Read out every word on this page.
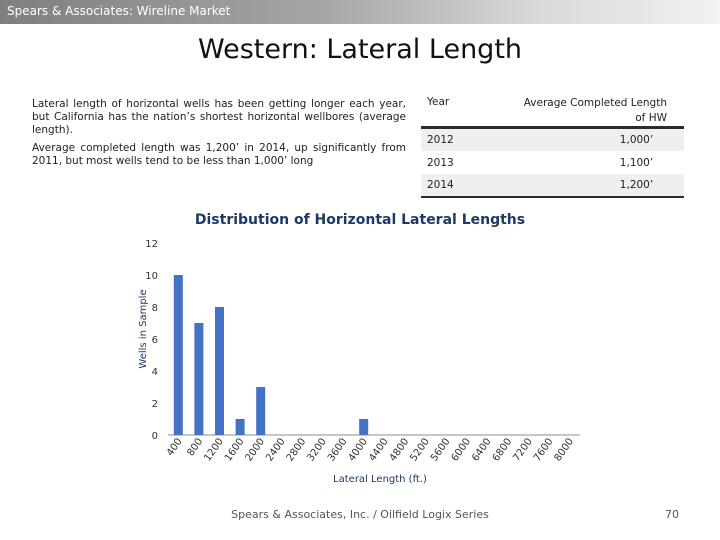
Spears & Associates: Wireline Market
Western: Lateral Length

Lateral length of horizontal wells has been getting longer each year, but California has the nation’s shortest horizontal wellbores (average length).

Average completed length was 1,200’ in 2014, up significantly from 2011, but most wells tend to be less than 1,000’ long

Year	Average Completed Length of HW
2012	1,000’
2013	1,100’
2014	1,200’
Distribution of Horizontal Lateral Lengths
0
2
4
6
8
10
12
Wells in Sample
400 800
1200
1600
2000
2400
2800
3200
3600
4000
4400
4800
5200
5600
6000
6400
6800
7200
7600
8000
Lateral Length (ft.)
Spears & Associates, Inc. / Oilfield Logix Series	70
